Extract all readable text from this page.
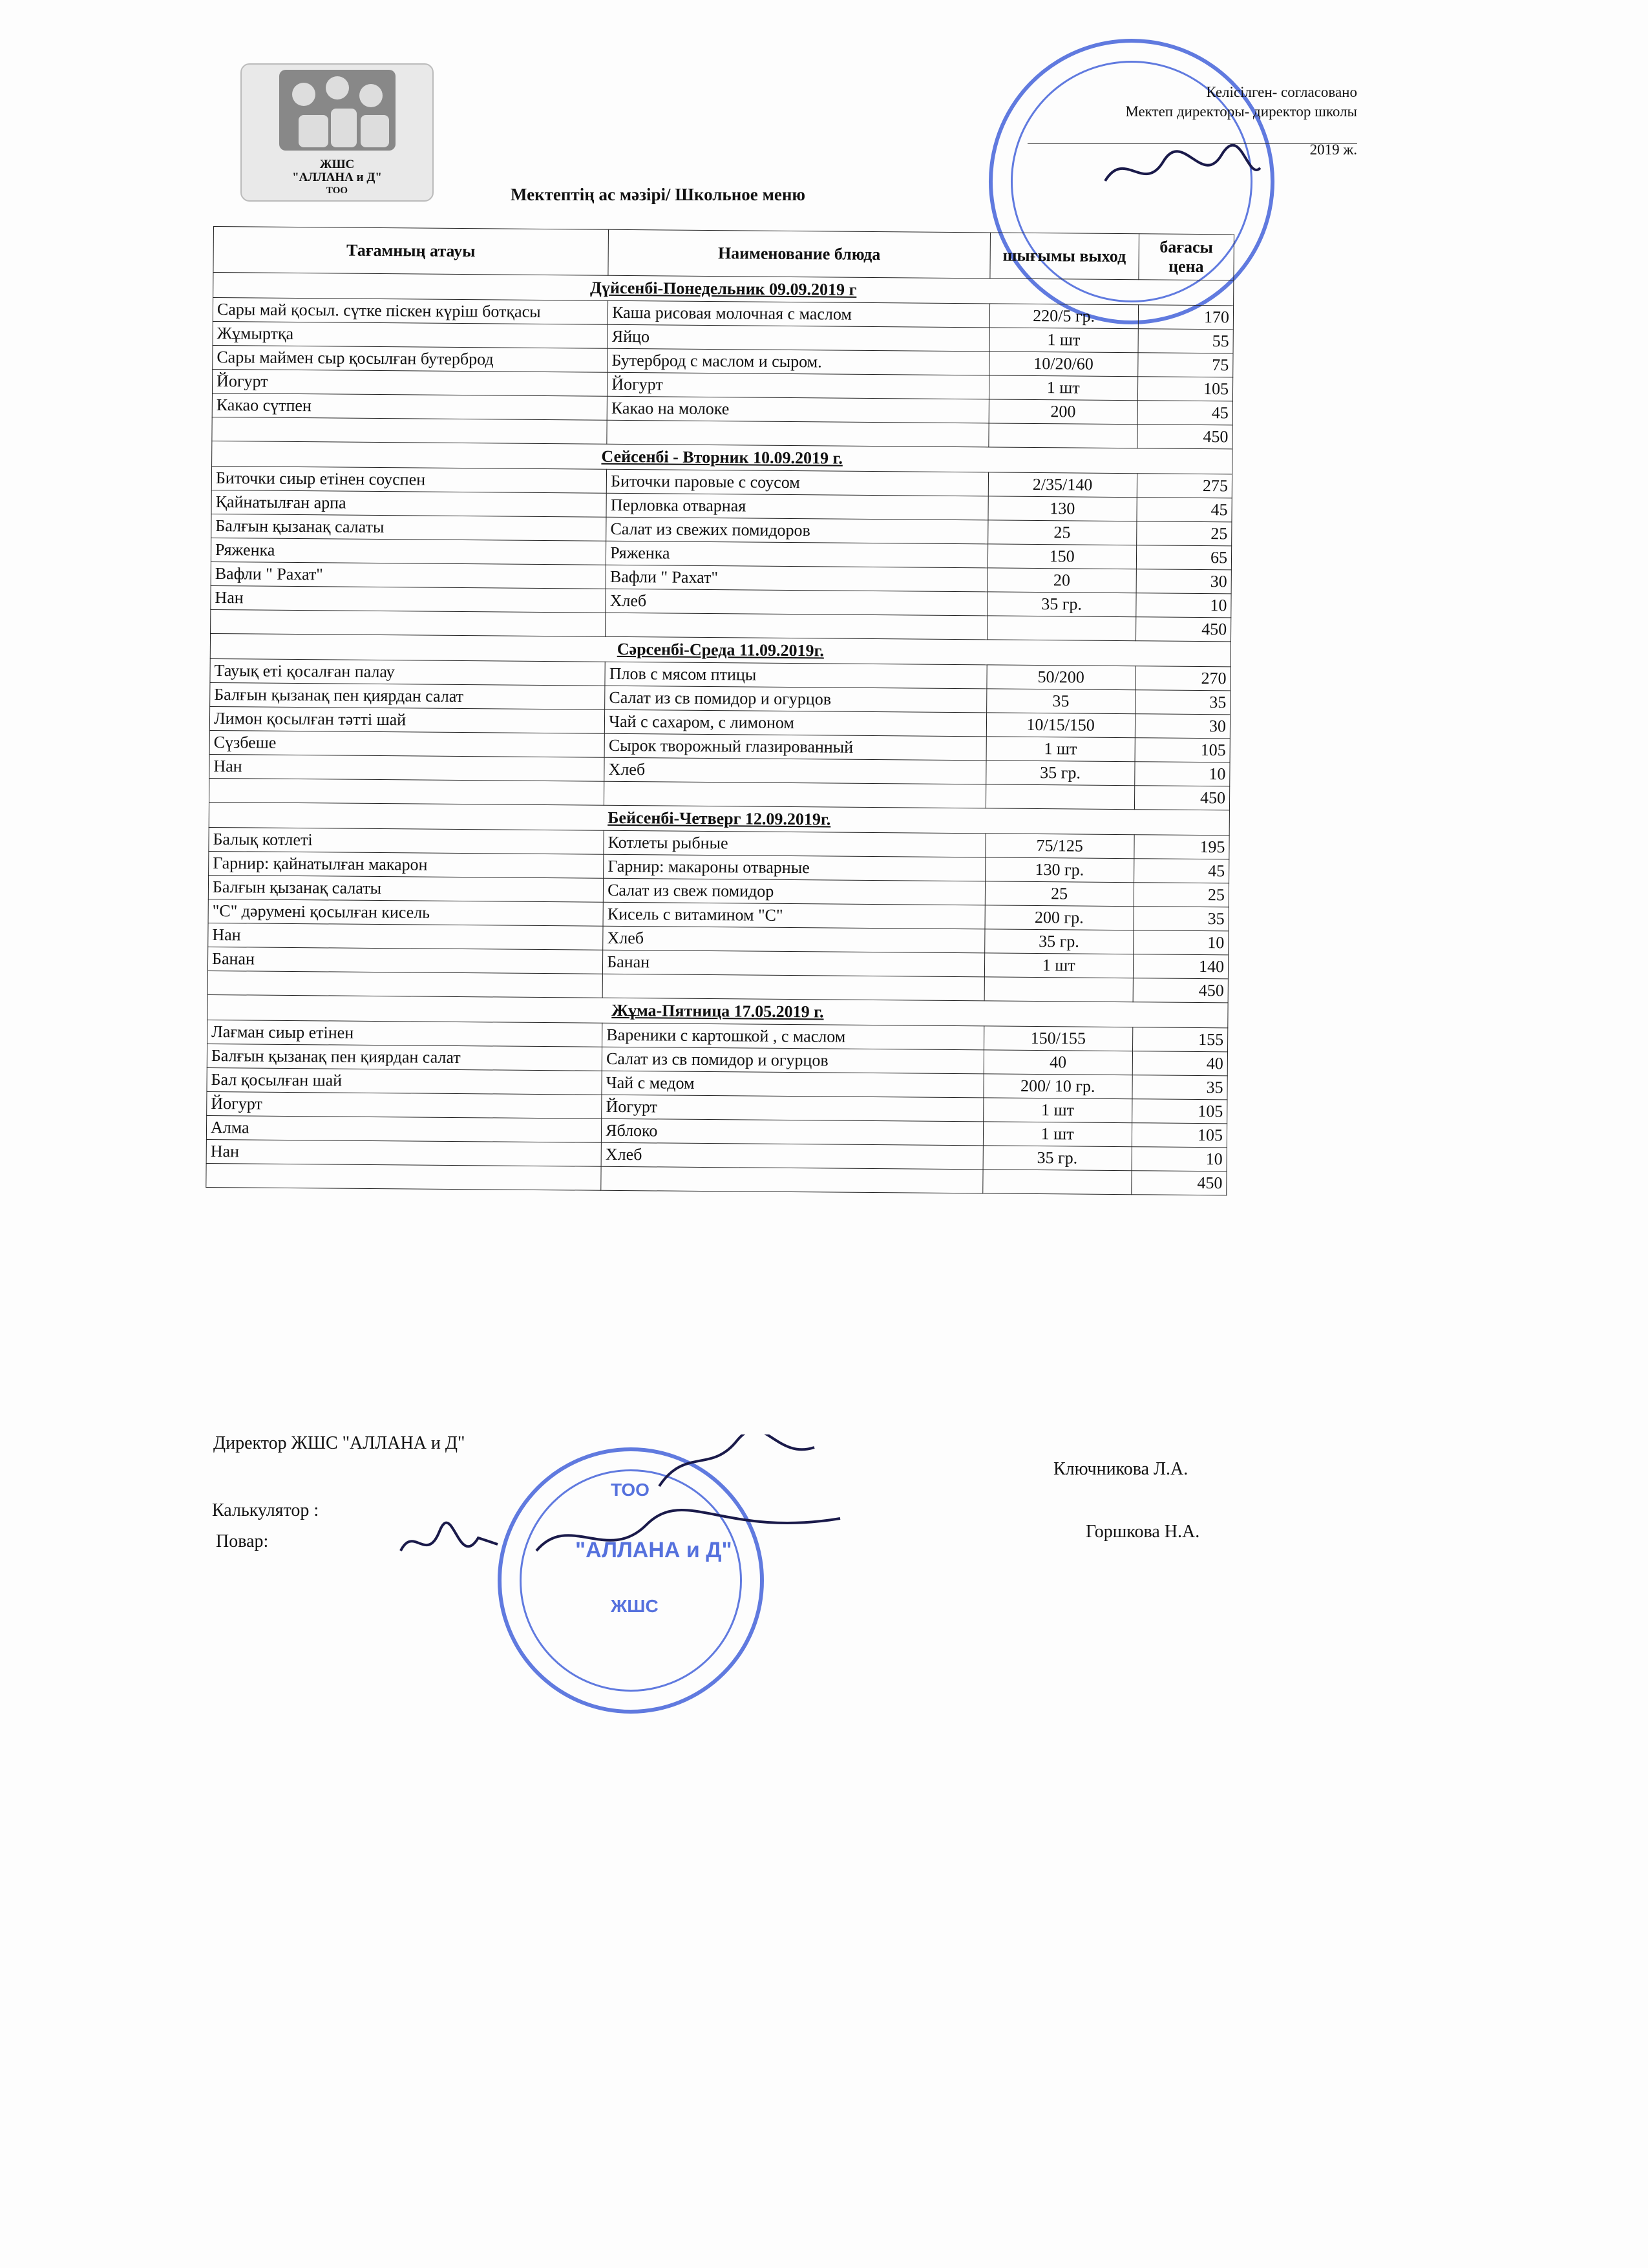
ЖШС
"АЛЛАНА и Д"
ТОО
Келісілген- согласовано
Мектеп директоры- директор школы
2019 ж.
Мектептің ас мәзірі/ Школьное меню
Тағамның атауы	Наименование блюда	шығымы выход	бағасы цена
Дүйсенбі-Понедельник 09.09.2019 г			
Сары май қосыл. сүтке піскен күріш ботқасы	Каша рисовая молочная с маслом	220/5 гр.	170
Жұмыртқа	Яйцо	1 шт	55
Сары маймен сыр қосылған бутерброд	Бутерброд с маслом и сыром.	10/20/60	75
Йогурт	Йогурт	1 шт	105
Какао сүтпен	Какао на молоке	200	45
			450
Сейсенбі - Вторник 10.09.2019 г.			
Биточки сиыр етінен соуспен	Биточки паровые с соусом	2/35/140	275
Қайнатылған арпа	Перловка отварная	130	45
Балғын қызанақ салаты	Салат из свежих помидоров	25	25
Ряженка	Ряженка	150	65
Вафли " Рахат"	Вафли " Рахат"	20	30
Нан	Хлеб	35 гр.	10
			450
Сәрсенбі-Среда 11.09.2019г.			
Тауық еті қосалған палау	Плов с мясом птицы	50/200	270
Балғын қызанақ пен қиярдан салат	Салат из св помидор и огурцов	35	35
Лимон қосылған тәтті шай	Чай с сахаром, с лимоном	10/15/150	30
Сүзбеше	Сырок творожный глазированный	1 шт	105
Нан	Хлеб	35 гр.	10
			450
Бейсенбі-Четверг 12.09.2019г.			
Балық котлеті	Котлеты рыбные	75/125	195
Гарнир: қайнатылған макарон	Гарнир: макароны отварные	130 гр.	45
Балғын қызанақ салаты	Салат из свеж помидор	25	25
"С" дәрумені қосылған кисель	Кисель с витамином "С"	200 гр.	35
Нан	Хлеб	35 гр.	10
Банан	Банан	1 шт	140
			450
Жұма-Пятница 17.05.2019 г.			
Лағман сиыр етінен	Вареники с картошкой , с маслом	150/155	155
Балғын қызанақ пен қиярдан салат	Салат из св помидор и огурцов	40	40
Бал қосылған шай	Чай с медом	200/ 10 гр.	35
Йогурт	Йогурт	1 шт	105
Алма	Яблоко	1 шт	105
Нан	Хлеб	35 гр.	10
			450
Директор ЖШС "АЛЛАНА и Д"
Ключникова Л.А.
Калькулятор :
Повар:	Горшкова Н.А.
ТОО
"АЛЛАНА и Д"
ЖШС
